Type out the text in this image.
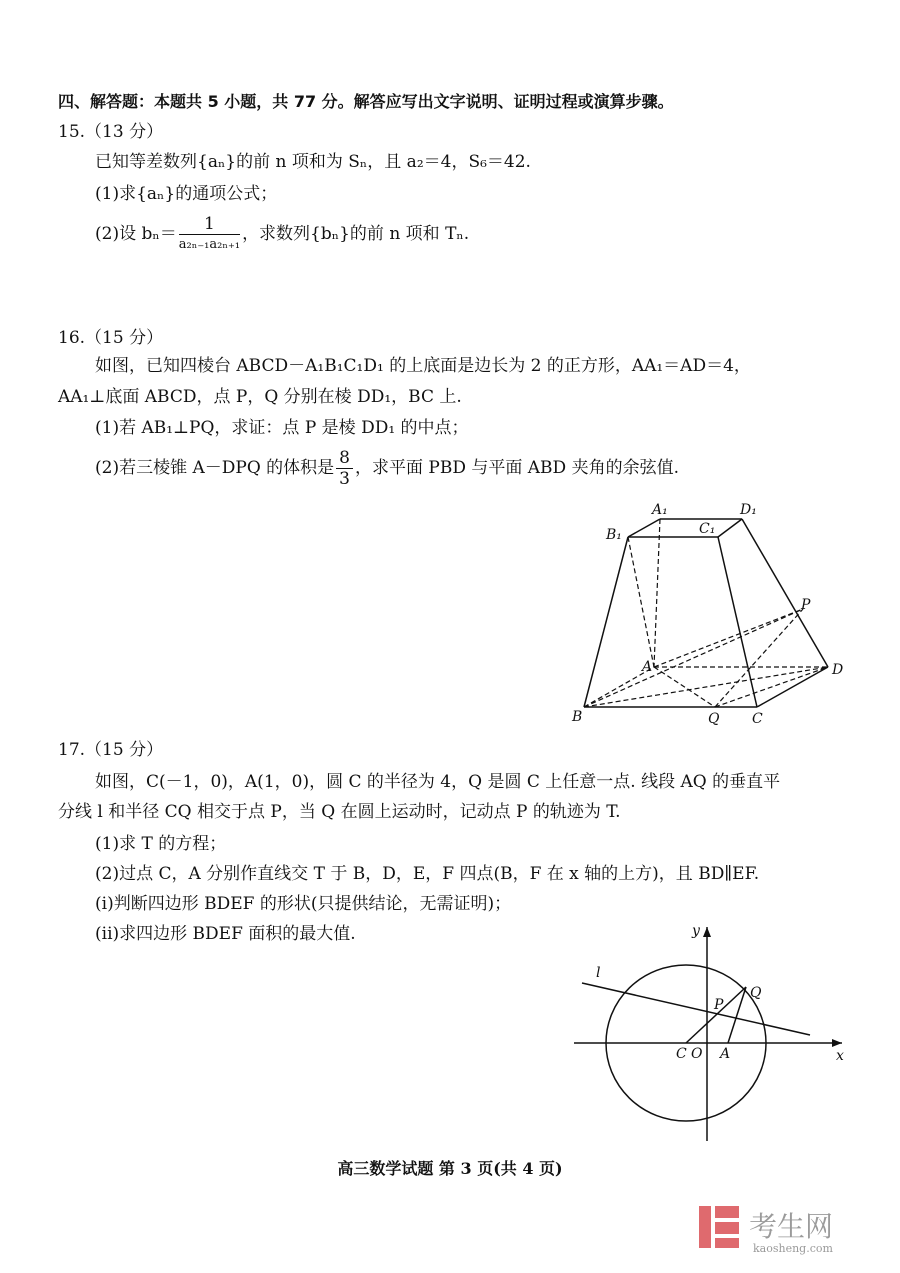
四、解答题：本题共 5 小题，共 77 分。解答应写出文字说明、证明过程或演算步骤。
15.（13 分）
已知等差数列{aₙ}的前 n 项和为 Sₙ，且 a₂＝4，S₆＝42.
(1)求{aₙ}的通项公式；
(2)设 $b_n= \frac{1}{\text{a₂ₙ₋₁a₂ₙ₊₁}}$ ，求数列{bₙ}的前 n 项和 Tₙ.
16.（15 分）
如图，已知四棱台 ABCD－A₁B₁C₁D₁ 的上底面是边长为 2 的正方形，AA₁＝AD＝4，
AA₁⊥底面 ABCD，点 P，Q 分别在棱 DD₁，BC 上.
(1)若 AB₁⊥PQ，求证：点 P 是棱 DD₁ 的中点；
(2)若三棱锥 A－DPQ 的体积是 $\frac{8}{3}$ ，求平面 PBD 与平面 ABD 夹角的余弦值.
A₁	D₁
B₁	C₁
P
A	D
B	Q C
17.（15 分）
如图，C(－1，0)，A(1，0)，圆 C 的半径为 4，Q 是圆 C 上任意一点. 线段 AQ 的垂直平
分线 l 和半径 CQ 相交于点 P，当 Q 在圆上运动时，记动点 P 的轨迹为 T.
(1)求 T 的方程；
(2)过点 C，A 分别作直线交 T 于 B，D，E，F 四点(B，F 在 x 轴的上方)，且 BD∥EF.
(i)判断四边形 BDEF 的形状(只提供结论，无需证明)；
(ii)求四边形 BDEF 面积的最大值.	y
x
l
Q
P
C O A
高三数学试题 第 3 页(共 4 页)
考生网
kaosheng.com
